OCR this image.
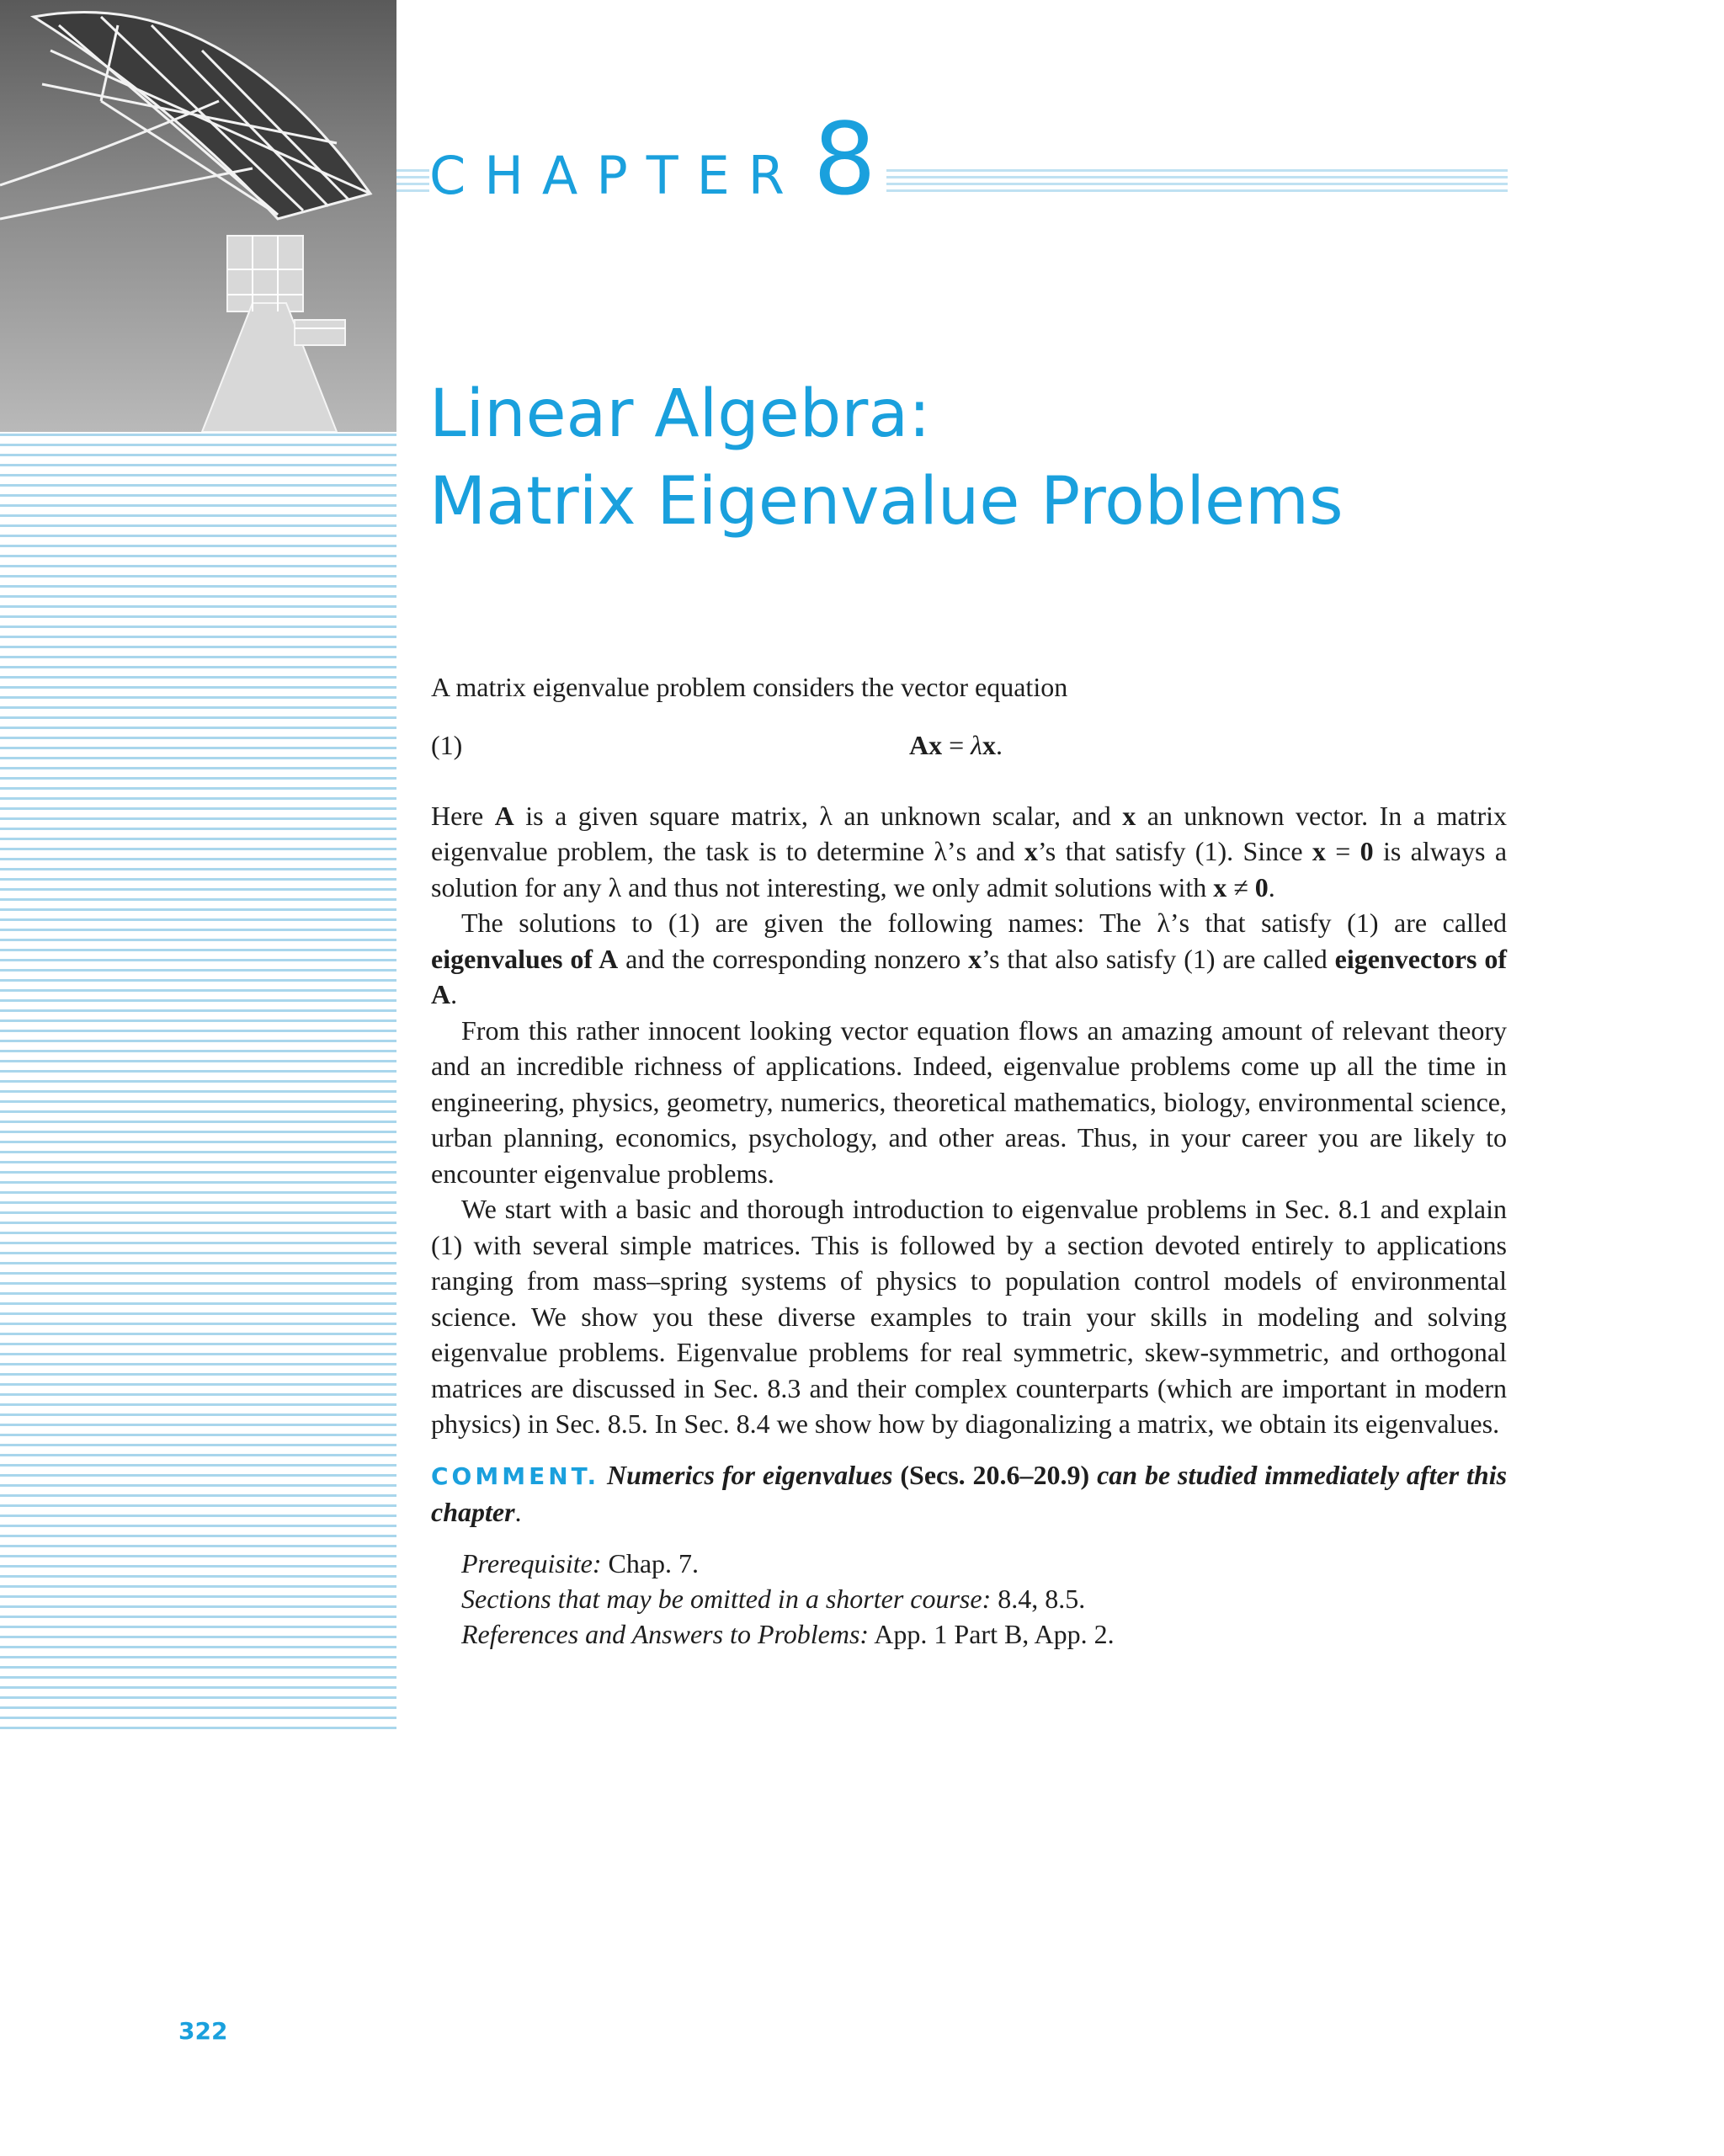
CHAPTER 8
Linear Algebra:
Matrix Eigenvalue Problems

A matrix eigenvalue problem considers the vector equation

(1)	Ax = λx.

Here A is a given square matrix, λ an unknown scalar, and x an unknown vector. In a matrix eigenvalue problem, the task is to determine λ’s and x’s that satisfy (1). Since x = 0 is always a solution for any λ and thus not interesting, we only admit solutions with x ≠ 0.

The solutions to (1) are given the following names: The λ’s that satisfy (1) are called eigenvalues of A and the corresponding nonzero x’s that also satisfy (1) are called eigenvectors of A.

From this rather innocent looking vector equation flows an amazing amount of relevant theory and an incredible richness of applications. Indeed, eigenvalue problems come up all the time in engineering, physics, geometry, numerics, theoretical mathematics, biology, environmental science, urban planning, economics, psychology, and other areas. Thus, in your career you are likely to encounter eigenvalue problems.

We start with a basic and thorough introduction to eigenvalue problems in Sec. 8.1 and explain (1) with several simple matrices. This is followed by a section devoted entirely to applications ranging from mass–spring systems of physics to population control models of environmental science. We show you these diverse examples to train your skills in modeling and solving eigenvalue problems. Eigenvalue problems for real symmetric, skew-symmetric, and orthogonal matrices are discussed in Sec. 8.3 and their complex counterparts (which are important in modern physics) in Sec. 8.5. In Sec. 8.4 we show how by diagonalizing a matrix, we obtain its eigenvalues.

COMMENT. Numerics for eigenvalues (Secs. 20.6–20.9) can be studied immediately after this chapter.

Prerequisite: Chap. 7.
Sections that may be omitted in a shorter course: 8.4, 8.5.
References and Answers to Problems: App. 1 Part B, App. 2.
322
